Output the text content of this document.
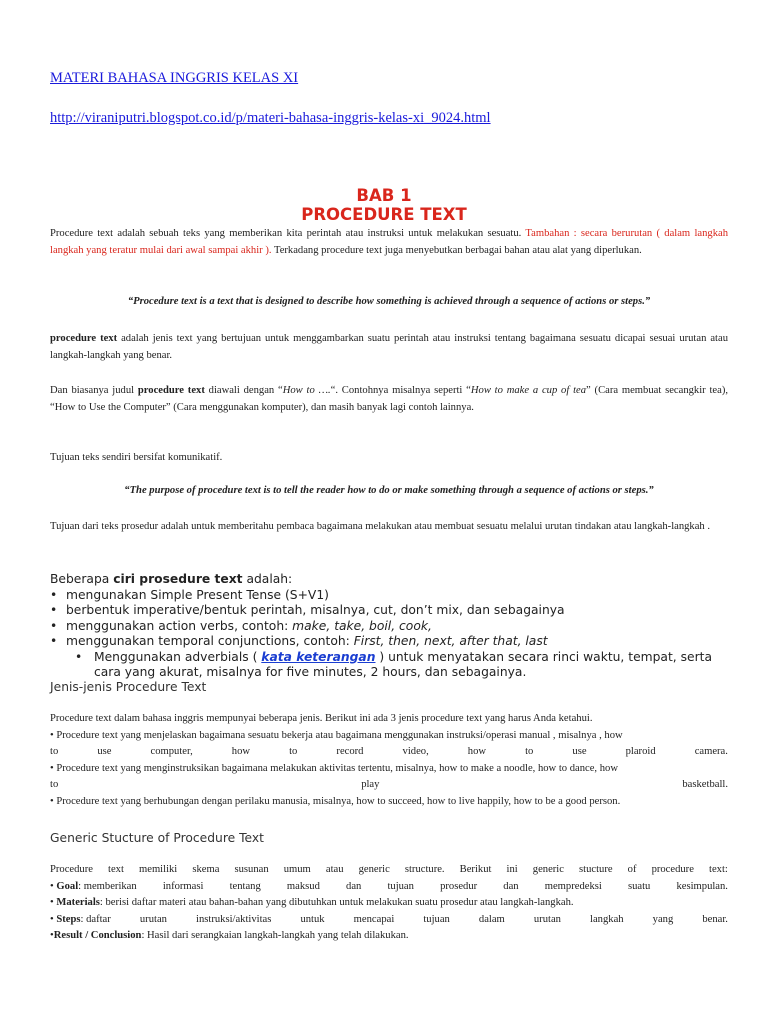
MATERI BAHASA INGGRIS KELAS XI
http://viraniputri.blogspot.co.id/p/materi-bahasa-inggris-kelas-xi_9024.html
BAB 1
PROCEDURE TEXT
Procedure text adalah sebuah teks yang memberikan kita perintah atau instruksi untuk melakukan sesuatu. Tambahan : secara berurutan ( dalam langkah langkah yang teratur mulai dari awal sampai akhir ). Terkadang procedure text juga menyebutkan berbagai bahan atau alat yang diperlukan.
“Procedure text is a text that is designed to describe how something is achieved through a sequence of actions or steps.”
procedure text adalah jenis text yang bertujuan untuk menggambarkan suatu perintah atau instruksi tentang bagaimana sesuatu dicapai sesuai urutan atau langkah-langkah yang benar.
Dan biasanya judul procedure text diawali dengan “How to ….“. Contohnya misalnya seperti “How to make a cup of tea” (Cara membuat secangkir tea), “How to Use the Computer” (Cara menggunakan komputer), dan masih banyak lagi contoh lainnya.
Tujuan teks sendiri bersifat komunikatif.
“The purpose of procedure text is to tell the reader how to do or make something through a sequence of actions or steps.”
Tujuan dari teks prosedur adalah untuk memberitahu pembaca bagaimana melakukan atau membuat sesuatu melalui urutan tindakan atau langkah-langkah .
Beberapa ciri prosedure text adalah:
• mengunakan Simple Present Tense (S+V1)
• berbentuk imperative/bentuk perintah, misalnya, cut, don’t mix, dan sebagainya
• menggunakan action verbs, contoh: make, take, boil, cook,
• menggunakan temporal conjunctions, contoh: First, then, next, after that, last
• Menggunakan adverbials ( kata keterangan ) untuk menyatakan secara rinci waktu, tempat, serta cara yang akurat, misalnya for five minutes, 2 hours, dan sebagainya.
Jenis-jenis Procedure Text
Procedure text dalam bahasa inggris mempunyai beberapa jenis. Berikut ini ada 3 jenis procedure text yang harus Anda ketahui.
• Procedure text yang menjelaskan bagaimana sesuatu bekerja atau bagaimana menggunakan instruksi/operasi manual , misalnya , how
to	use	computer,	how	to	record	video,	how	to	use	plaroid	camera.
• Procedure text yang menginstruksikan bagaimana melakukan aktivitas tertentu, misalnya, how to make a noodle, how to dance, how
to	play	basketball.
• Procedure text yang berhubungan dengan perilaku manusia, misalnya, how to succeed, how to live happily, how to be a good person.
Generic Stucture of Procedure Text
Procedure text memiliki skema susunan umum atau generic structure. Berikut ini generic stucture of procedure text:
• Goal: memberikan informasi tentang maksud dan tujuan prosedur dan mempredeksi suatu kesimpulan.
• Materials: berisi daftar materi atau bahan-bahan yang dibutuhkan untuk melakukan suatu prosedur atau langkah-langkah.
• Steps: daftar	urutan	instruksi/aktivitas	untuk	mencapai	tujuan	dalam	urutan	langkah	yang	benar.
•Result / Conclusion: Hasil dari serangkaian langkah-langkah yang telah dilakukan.
